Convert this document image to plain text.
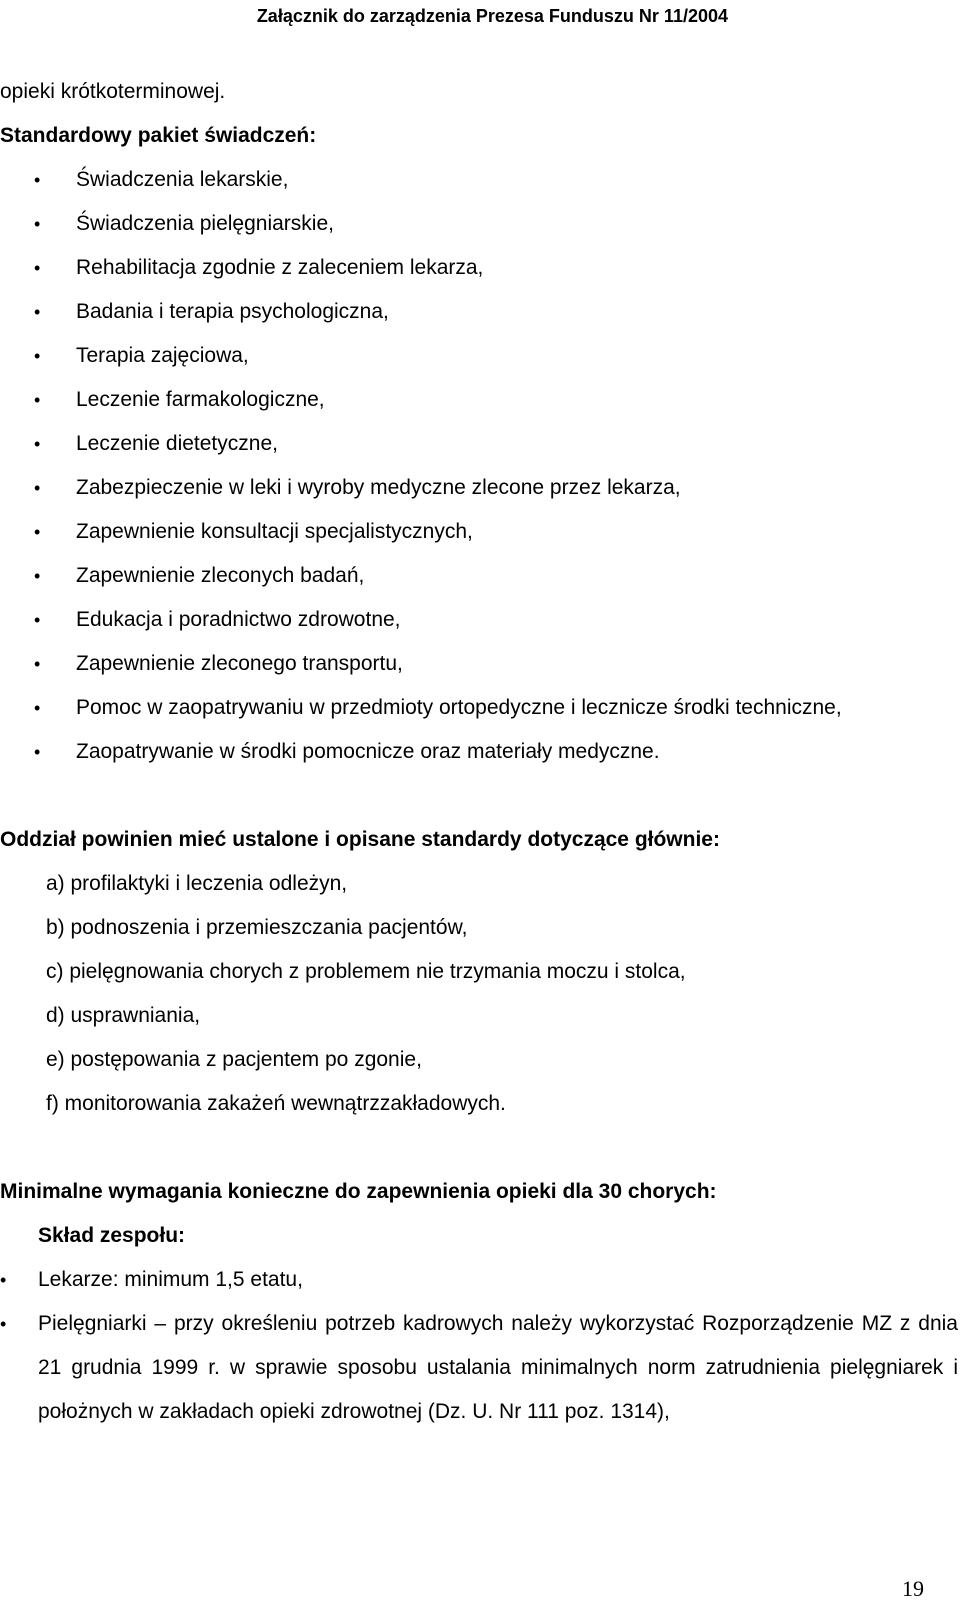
Załącznik do zarządzenia Prezesa Funduszu Nr 11/2004

opieki krótkoterminowej.

Standardowy pakiet świadczeń:

• Świadczenia lekarskie,
• Świadczenia pielęgniarskie,
• Rehabilitacja zgodnie z zaleceniem lekarza,
• Badania i terapia psychologiczna,
• Terapia zajęciowa,
• Leczenie farmakologiczne,
• Leczenie dietetyczne,
• Zabezpieczenie w leki i wyroby medyczne zlecone przez lekarza,
• Zapewnienie konsultacji specjalistycznych,
• Zapewnienie zleconych badań,
• Edukacja i poradnictwo zdrowotne,
• Zapewnienie zleconego transportu,
• Pomoc w zaopatrywaniu w przedmioty ortopedyczne i lecznicze środki techniczne,
• Zaopatrywanie w środki pomocnicze oraz materiały medyczne.

Oddział powinien mieć ustalone i opisane standardy dotyczące głównie:

a) profilaktyki i leczenia odleżyn,
b) podnoszenia i przemieszczania pacjentów,
c) pielęgnowania chorych z problemem nie trzymania moczu i stolca,
d) usprawniania,
e) postępowania z pacjentem po zgonie,
f) monitorowania zakażeń wewnątrzzakładowych.

Minimalne wymagania konieczne do zapewnienia opieki dla 30 chorych:

Skład zespołu:

• Lekarze: minimum 1,5 etatu,
• Pielęgniarki – przy określeniu potrzeb kadrowych należy wykorzystać Rozporządzenie MZ z dnia 21 grudnia 1999 r. w sprawie sposobu ustalania minimalnych norm zatrudnienia pielęgniarek i położnych w zakładach opieki zdrowotnej (Dz. U. Nr 111 poz. 1314),
19
